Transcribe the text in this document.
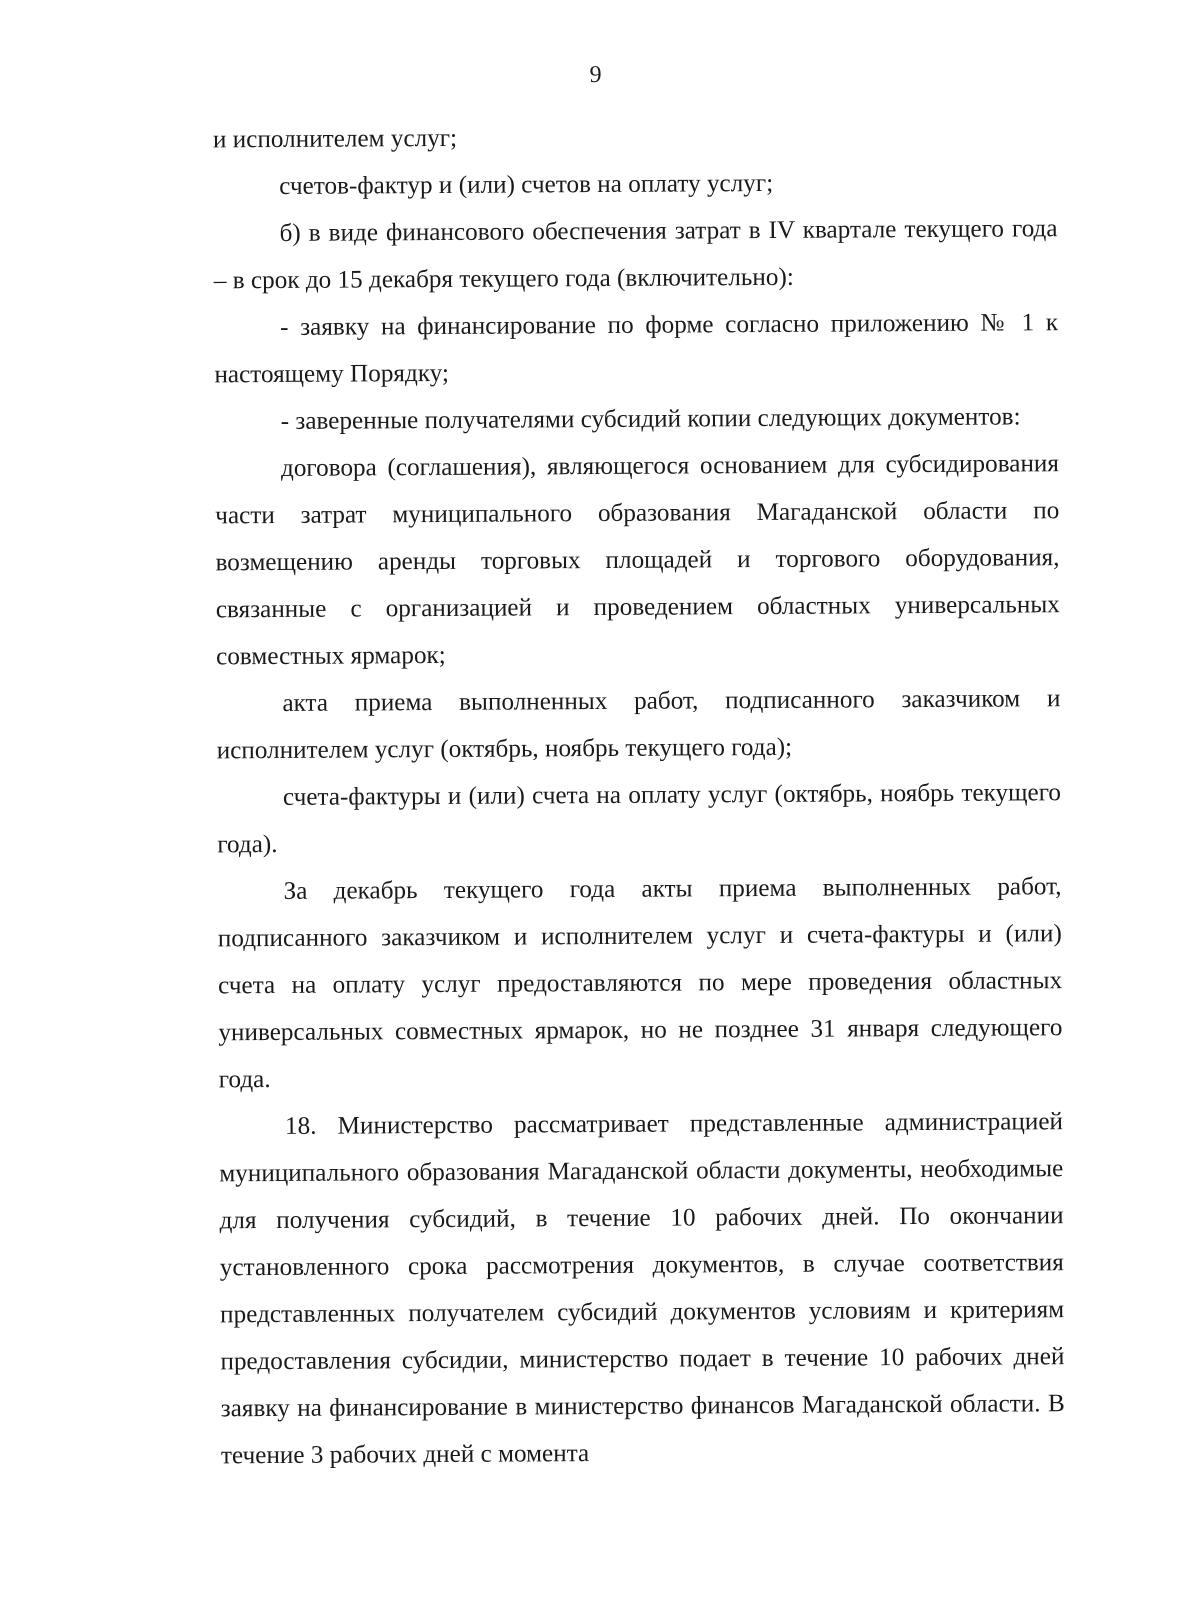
9

и исполнителем услуг;

счетов-фактур и (или) счетов на оплату услуг;

б) в виде финансового обеспечения затрат в IV квартале текущего года – в срок до 15 декабря текущего года (включительно):

- заявку на финансирование по форме согласно приложению № 1 к настоящему Порядку;

- заверенные получателями субсидий копии следующих документов:

договора (соглашения), являющегося основанием для субсидирования части затрат муниципального образования Магаданской области по возмещению аренды торговых площадей и торгового оборудования, связанные с организацией и проведением областных универсальных совместных ярмарок;

акта приема выполненных работ, подписанного заказчиком и исполнителем услуг (октябрь, ноябрь текущего года);

счета-фактуры и (или) счета на оплату услуг (октябрь, ноябрь текущего года).

За декабрь текущего года акты приема выполненных работ, подписанного заказчиком и исполнителем услуг и счета-фактуры и (или) счета на оплату услуг предоставляются по мере проведения областных универсальных совместных ярмарок, но не позднее 31 января следующего года.

18. Министерство рассматривает представленные администрацией муниципального образования Магаданской области документы, необходимые для получения субсидий, в течение 10 рабочих дней. По окончании установленного срока рассмотрения документов, в случае соответствия представленных получателем субсидий документов условиям и критериям предоставления субсидии, министерство подает в течение 10 рабочих дней заявку на финансирование в министерство финансов Магаданской области. В течение 3 рабочих дней с момента
